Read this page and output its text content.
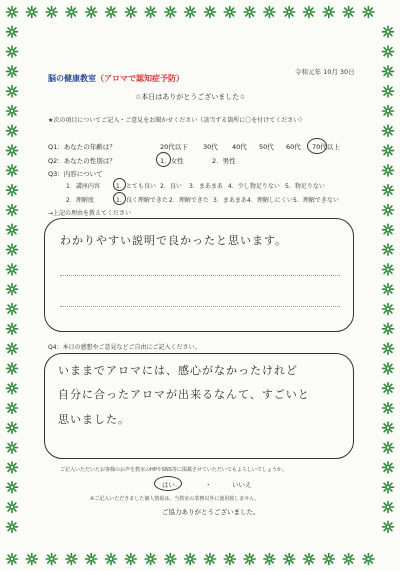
令和元年 10月 30日
脳の健康教室（アロマで認知症予防）
☆本日はありがとうございました☆
★次の項目についてご記入・ご意見をお聞かせください（該当する箇所に〇を付けてください）
Q1：あなたの年齢は？	20代以下 30代 40代 50代 60代 70代以上
Q2：あなたの性別は？	1．女性	2．男性
Q3：内容について
1．講座内容	1．とても良い 2．良い 3．まあまあ 4．少し物足りない 5．物足りない
2．理解度	1．良く理解できた 2．理解できた 3．まあまあ 4．理解しにくい 5．理解できない
→上記の理由を教えてください
わかりやすい説明で良かったと思います。
Q4：本日の感想やご意見などご自由にご記入ください。
いままでアロマには、感心がなかったけれど
自分に合ったアロマが出来るなんて、すごいと
思いました。
ご記入いただいたお客様のお声を教室のHPやSNS等に掲載させていただいてもよろしいでしょうか。
はい	・	いいえ
※ご記入いただきました個人情報は、当教室の業務以外に使用致しません。
ご協力ありがとうございました。
